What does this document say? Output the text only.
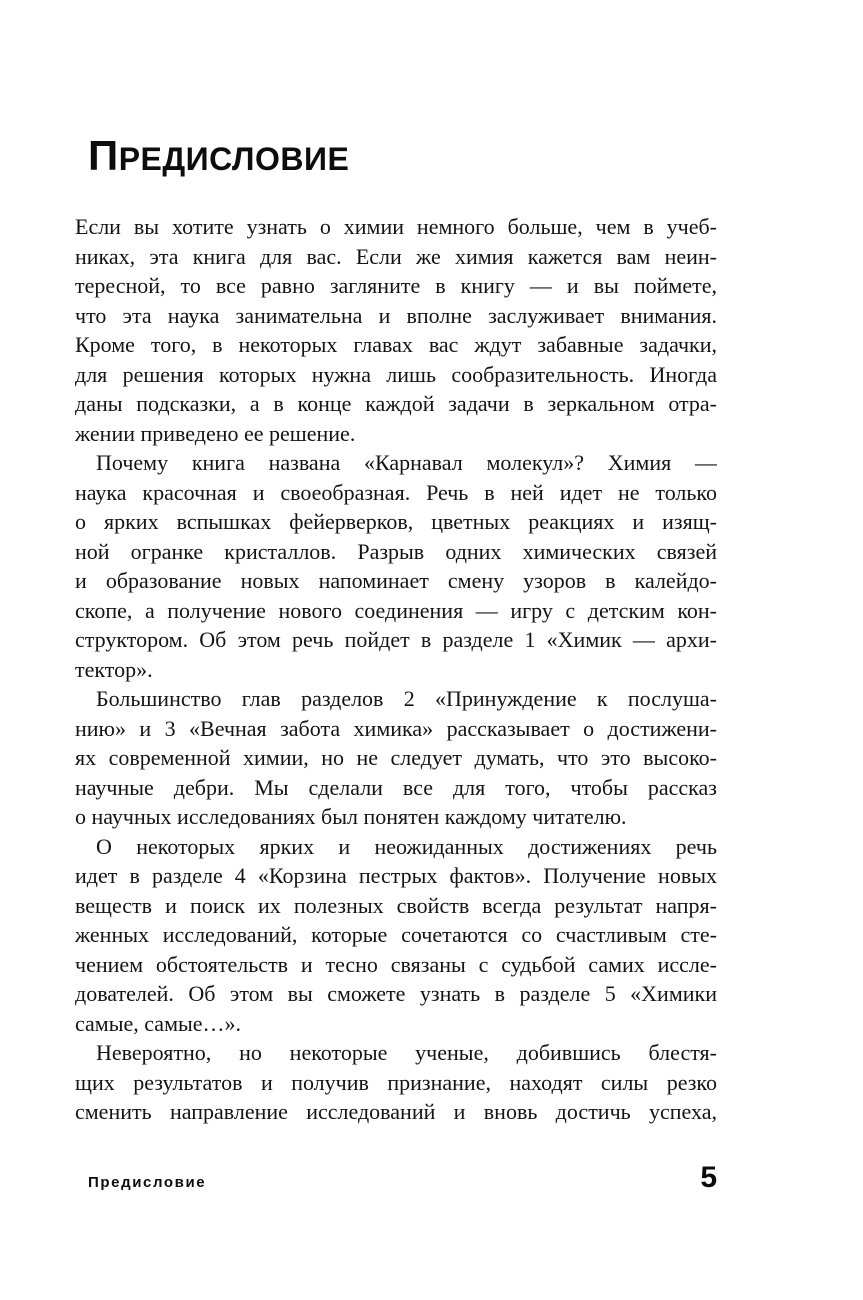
ПРЕДИСЛОВИЕ
Если вы хотите узнать о химии немного больше, чем в учеб-
никах, эта книга для вас. Если же химия кажется вам неин-
тересной, то все равно загляните в книгу — и вы поймете,
что эта наука занимательна и вполне заслуживает внимания.
Кроме того, в некоторых главах вас ждут забавные задачки,
для решения которых нужна лишь сообразительность. Иногда
даны подсказки, а в конце каждой задачи в зеркальном отра-
жении приведено ее решение.
Почему книга названа «Карнавал молекул»? Химия —
наука красочная и своеобразная. Речь в ней идет не только
о ярких вспышках фейерверков, цветных реакциях и изящ-
ной огранке кристаллов. Разрыв одних химических связей
и образование новых напоминает смену узоров в калейдо-
скопе, а получение нового соединения — игру с детским кон-
структором. Об этом речь пойдет в разделе 1 «Химик — архи-
тектор».
Большинство глав разделов 2 «Принуждение к послуша-
нию» и 3 «Вечная забота химика» рассказывает о достижени-
ях современной химии, но не следует думать, что это высоко-
научные дебри. Мы сделали все для того, чтобы рассказ
о научных исследованиях был понятен каждому читателю.
О некоторых ярких и неожиданных достижениях речь
идет в разделе 4 «Корзина пестрых фактов». Получение новых
веществ и поиск их полезных свойств всегда результат напря-
женных исследований, которые сочетаются со счастливым сте-
чением обстоятельств и тесно связаны с судьбой самих иссле-
дователей. Об этом вы сможете узнать в разделе 5 «Химики
самые, самые…».
Невероятно, но некоторые ученые, добившись блестя-
щих результатов и получив признание, находят силы резко
сменить направление исследований и вновь достичь успеха,
Предисловие	5
